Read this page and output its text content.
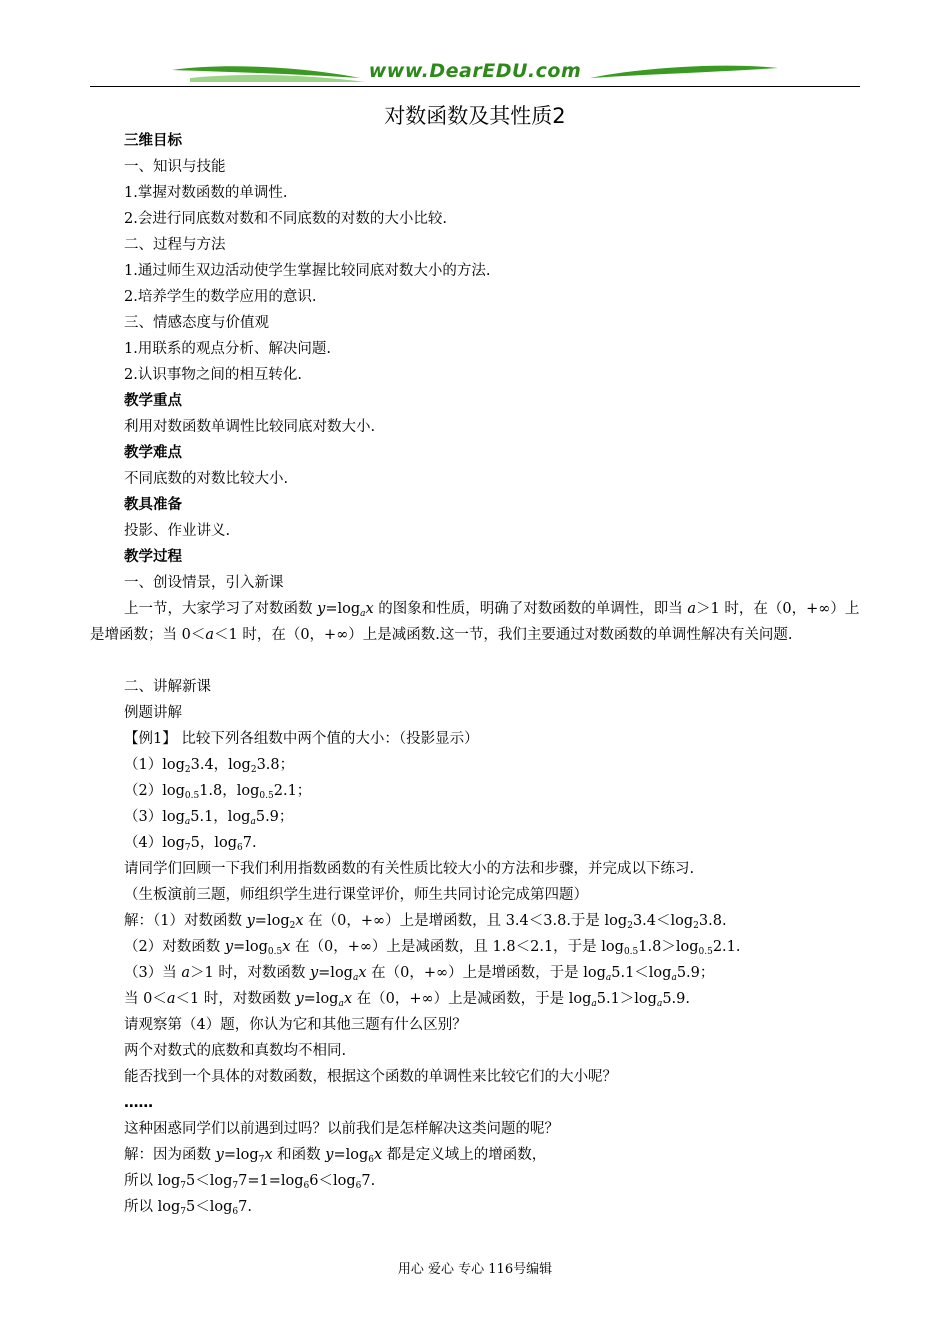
www.DearEDU.com
对数函数及其性质2
三维目标
一、知识与技能
1.掌握对数函数的单调性.
2.会进行同底数对数和不同底数的对数的大小比较.
二、过程与方法
1.通过师生双边活动使学生掌握比较同底对数大小的方法.
2.培养学生的数学应用的意识.
三、情感态度与价值观
1.用联系的观点分析、解决问题.
2.认识事物之间的相互转化.
教学重点
利用对数函数单调性比较同底对数大小.
教学难点
不同底数的对数比较大小.
教具准备
投影、作业讲义.
教学过程
一、创设情景，引入新课
上一节，大家学习了对数函数 $y=\log_ax$ 的图象和性质，明确了对数函数的单调性，即当 a＞1 时，在（0，+∞）上是增函数；当 0＜a＜1 时，在（0，+∞）上是减函数.这一节，我们主要通过对数函数的单调性解决有关问题.
二、讲解新课
例题讲解
【例1】 比较下列各组数中两个值的大小：（投影显示）
$(1)\log_23.4$，$\log_23.8$；
$(2)\log_{0.5}1.8$，$\log_{0.5}2.1$；
$(3)\log_a5.1$，$\log_a5.9$；
$(4)\log_75$，$\log_67$.
请同学们回顾一下我们利用指数函数的有关性质比较大小的方法和步骤，并完成以下练习.
（生板演前三题，师组织学生进行课堂评价，师生共同讨论完成第四题）
解：（1）对数函数 $y=\log_2x$ 在（0，+∞）上是增函数，且 3.4＜3.8.于是 $\log_23.4<\log_23.8$.
（2）对数函数 $y=\log_{0.5}x$ 在（0，+∞）上是减函数，且 1.8＜2.1，于是 $\log_{0.5}1.8>\log_{0.5}2.1$.
（3）当 a＞1 时，对数函数 $y=\log_ax$ 在（0，+∞）上是增函数，于是 $\log_a5.1<\log_a5.9$；
当 0＜a＜1 时，对数函数 $y=\log_ax$ 在（0，+∞）上是减函数，于是 $\log_a5.1>\log_a5.9$.
请观察第（4）题，你认为它和其他三题有什么区别？
两个对数式的底数和真数均不相同.
能否找到一个具体的对数函数，根据这个函数的单调性来比较它们的大小呢？
……
这种困惑同学们以前遇到过吗？以前我们是怎样解决这类问题的呢？
解：因为函数 $y=\log_7x$ 和函数 $y=\log_6x$ 都是定义域上的增函数，
所以 $\log_75<\log_77=1=\log_66<\log_67$.
所以 $\log_75<\log_67$.
用心 爱心 专心 116号编辑
